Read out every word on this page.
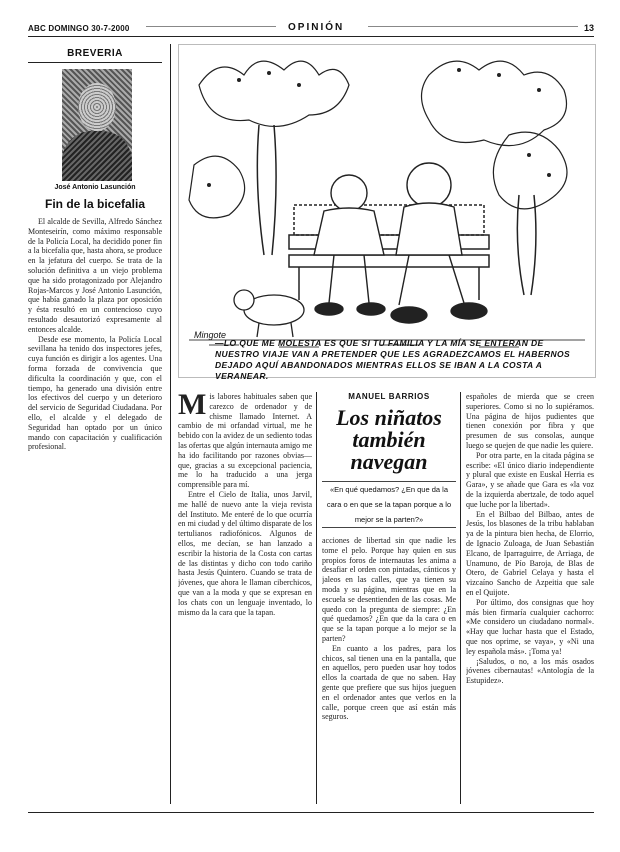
ABC DOMINGO 30-7-2000	OPINIÓN	13
BREVERÍA
José Antonio Lasunción
Fin de la bicefalia

El alcalde de Sevilla, Alfredo Sánchez Monteseirín, como máximo responsable de la Policía Local, ha decidido poner fin a la bicefalia que, hasta ahora, se produce en la jefatura del cuerpo. Se trata de la solución definitiva a un viejo problema que ha sido protagonizado por Alejandro Rojas-Marcos y José Antonio Lasunción, que había ganado la plaza por oposición y ésta resultó en un contencioso cuyo resultado desautorizó expresamente al entonces alcalde.

Desde ese momento, la Policía Local sevillana ha tenido dos inspectores jefes, cuya función es dirigir a los agentes. Una forma forzada de convivencia que dificulta la coordinación y que, con el tiempo, ha generado una división entre los efectivos del cuerpo y un deterioro del servicio de Seguridad Ciudadana. Por ello, el alcalde y el delegado de Seguridad han optado por un único mando con capacitación y cualificación profesional.

Mingote
—LO QUE ME MOLESTA ES QUE SI TU FAMILIA Y LA MÍA SE ENTERAN DE NUESTRO VIAJE VAN A PRETENDER QUE LES AGRADEZCAMOS EL HABERNOS DEJADO AQUÍ ABANDONADOS MIENTRAS ELLOS SE IBAN A LA COSTA A VERANEAR.
M is labores habituales saben que carezco de ordenador y de chisme llamado Internet. A cambio de mi orfandad virtual, me he bebido con la avidez de un sediento todas las ofertas que algún internauta amigo me ha ido facilitando por razones obvias—que, gracias a su excepcional paciencia, me lo ha traducido a una jerga comprensible para mí.

Entre el Cielo de Italia, unos Jarvil, me hallé de nuevo ante la vieja revista del Instituto. Me enteré de lo que ocurría en mi ciudad y del último disparate de los tertulianos radiofónicos. Algunos de ellos, me decían, se han lanzado a escribir la historia de la Costa con cartas de las distintas y dicho con todo cariño hasta Jesús Quintero. Cuando se trata de jóvenes, que ahora le llaman ciberchicos, que van a la moda y que se expresan en los chats con un lenguaje inventado, lo mismo da la cara que la tapan.

MANUEL BARRIOS
Los niñatos también navegan
«En qué quedamos? ¿En que da la cara o en que se la tapan porque a lo mejor se la parten?»

acciones de libertad sin que nadie les tome el pelo. Porque hay quien en sus propios foros de internautas les anima a desafiar el orden con pintadas, cánticos y jaleos en las calles, que ya tienen su moda y su página, mientras que en la escuela se desentienden de las cosas. Me quedo con la pregunta de siempre: ¿En qué quedamos? ¿En que da la cara o en que se la tapan porque a lo mejor se la parten?

En cuanto a los padres, para los chicos, sal tienen una en la pantalla, que en aquellos, pero pueden usar hoy todos ellos la coartada de que no saben. Hay gente que prefiere que sus hijos jueguen en el ordenador antes que verlos en la calle, porque creen que así están más seguros.

españoles de mierda que se creen superiores. Como si no lo supiéramos. Una página de hijos pudientes que tienen conexión por fibra y que presumen de sus consolas, aunque luego se quejen de que nadie les quiere.

Por otra parte, en la citada página se escribe: «El único diario independiente y plural que existe en Euskal Herria es Gara», y se añade que Gara es «la voz de la izquierda abertzale, de todo aquel que luche por la libertad».

En el Bilbao del Bilbao, antes de Jesús, los blasones de la tribu hablaban ya de la pintura bien hecha, de Elorrio, de Ignacio Zuloaga, de Juan Sebastián Elcano, de Iparraguirre, de Arriaga, de Unamuno, de Pío Baroja, de Blas de Otero, de Gabriel Celaya y hasta el vizcaíno Sancho de Azpeitia que sale en el Quijote.

Por último, dos consignas que hoy más bien firmaría cualquier cachorro: «Me considero un ciudadano normal». «Hay que luchar hasta que el Estado, que nos oprime, se vaya», y «Ni una ley española más». ¡Toma ya!

¡Saludos, o no, a los más osados jóvenes cibernautas! «Antología de la Estupidez».
